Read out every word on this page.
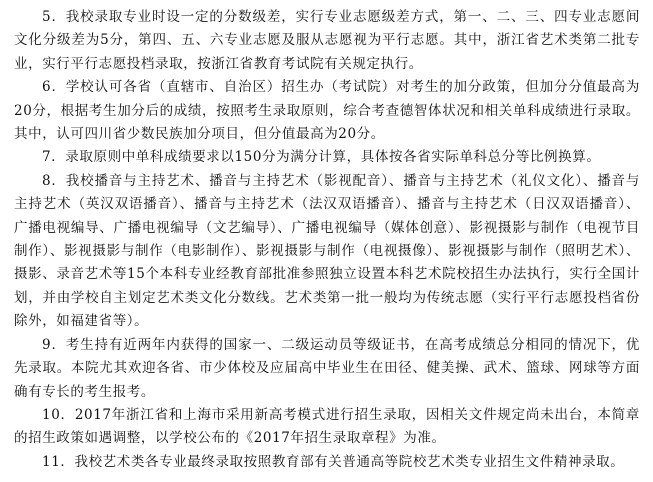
5．我校录取专业时设一定的分数级差，实行专业志愿级差方式，第一、二、三、四专业志愿间文化分级差为5分，第四、五、六专业志愿及服从志愿视为平行志愿。其中，浙江省艺术类第二批专业，实行平行志愿投档录取，按浙江省教育考试院有关规定执行。

6．学校认可各省（直辖市、自治区）招生办（考试院）对考生的加分政策，但加分分值最高为20分，根据考生加分后的成绩，按照考生录取原则，综合考查德智体状况和相关单科成绩进行录取。其中，认可四川省少数民族加分项目，但分值最高为20分。

7．录取原则中单科成绩要求以150分为满分计算，具体按各省实际单科总分等比例换算。

8．我校播音与主持艺术、播音与主持艺术（影视配音）、播音与主持艺术（礼仪文化）、播音与主持艺术（英汉双语播音）、播音与主持艺术（法汉双语播音）、播音与主持艺术（日汉双语播音）、广播电视编导、广播电视编导（文艺编导）、广播电视编导（媒体创意）、影视摄影与制作（电视节目制作）、影视摄影与制作（电影制作）、影视摄影与制作（电视摄像）、影视摄影与制作（照明艺术）、摄影、录音艺术等15个本科专业经教育部批准参照独立设置本科艺术院校招生办法执行，实行全国计划，并由学校自主划定艺术类文化分数线。艺术类第一批一般均为传统志愿（实行平行志愿投档省份除外，如福建省等）。

9．考生持有近两年内获得的国家一、二级运动员等级证书，在高考成绩总分相同的情况下，优先录取。本院尤其欢迎各省、市少体校及应届高中毕业生在田径、健美操、武术、篮球、网球等方面确有专长的考生报考。

10．2017年浙江省和上海市采用新高考模式进行招生录取，因相关文件规定尚未出台，本简章的招生政策如遇调整，以学校公布的《2017年招生录取章程》为准。

11．我校艺术类各专业最终录取按照教育部有关普通高等院校艺术类专业招生文件精神录取。
